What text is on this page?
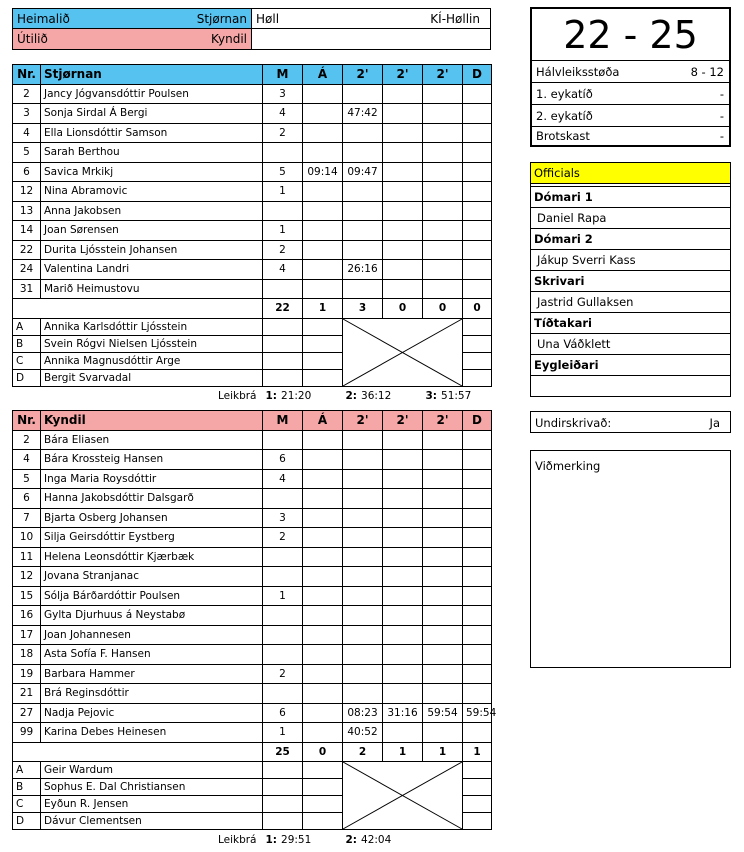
Heimalið	Stjørnan
Útilið	Kyndil
Høll	KÍ-Høllin	22 - 25
Hálvleiksstøða	8 - 12
1. eykatíð	-
2. eykatíð	-
Brotskast	-
Nr.	Stjørnan	M	Á	2'	2'	2'	D
2	Jancy Jógvansdóttir Poulsen	3					
3	Sonja Sirdal Á Bergi	4		47:42			
4	Ella Lionsdóttir Samson	2					
5	Sarah Berthou						
6	Savica Mrkikj	5	09:14	09:47			
12	Nina Abramovic	1					
13	Anna Jakobsen						
14	Joan Sørensen	1					
22	Durita Ljósstein Johansen	2					
24	Valentina Landri	4		26:16			
31	Marið Heimustovu						
		22	1	3	0	0	0
A	Annika Karlsdóttir Ljósstein			

B	Svein Rógvi Nielsen Ljósstein						
C	Annika Magnusdóttir Arge						
D	Bergit Svarvadal						
	Leikbrá	1: 21:20		2: 36:12		3: 51:57	
Nr.	Kyndil	M	Á	2'	2'	2'	D
2	Bára Eliasen						
4	Bára Krossteig Hansen	6					
5	Inga Maria Roysdóttir	4					
6	Hanna Jakobsdóttir Dalsgarð						
7	Bjarta Osberg Johansen	3					
10	Silja Geirsdóttir Eystberg	2					
11	Helena Leonsdóttir Kjærbæk						
12	Jovana Stranjanac						
15	Sólja Bárðardóttir Poulsen	1					
16	Gylta Djurhuus á Neystabø						
17	Joan Johannesen						
18	Asta Sofía F. Hansen						
19	Barbara Hammer	2					
21	Brá Reginsdóttir						
27	Nadja Pejovic	6		08:23	31:16	59:54	59:54
99	Karina Debes Heinesen	1		40:52			
		25	0	2	1	1	1
A	Geir Wardum			

B	Sophus E. Dal Christiansen						
C	Eyðun R. Jensen						
D	Dávur Clementsen						
	Leikbrá	1: 29:51		2: 42:04			
Officials

Dómari 1
Daniel Rapa
Dómari 2
Jákup Sverri Kass
Skrivari
Jastrid Gullaksen
Tíðtakari
Una Váðklett
Eygleiðari

Undirskrivað:	Ja
Viðmerking
